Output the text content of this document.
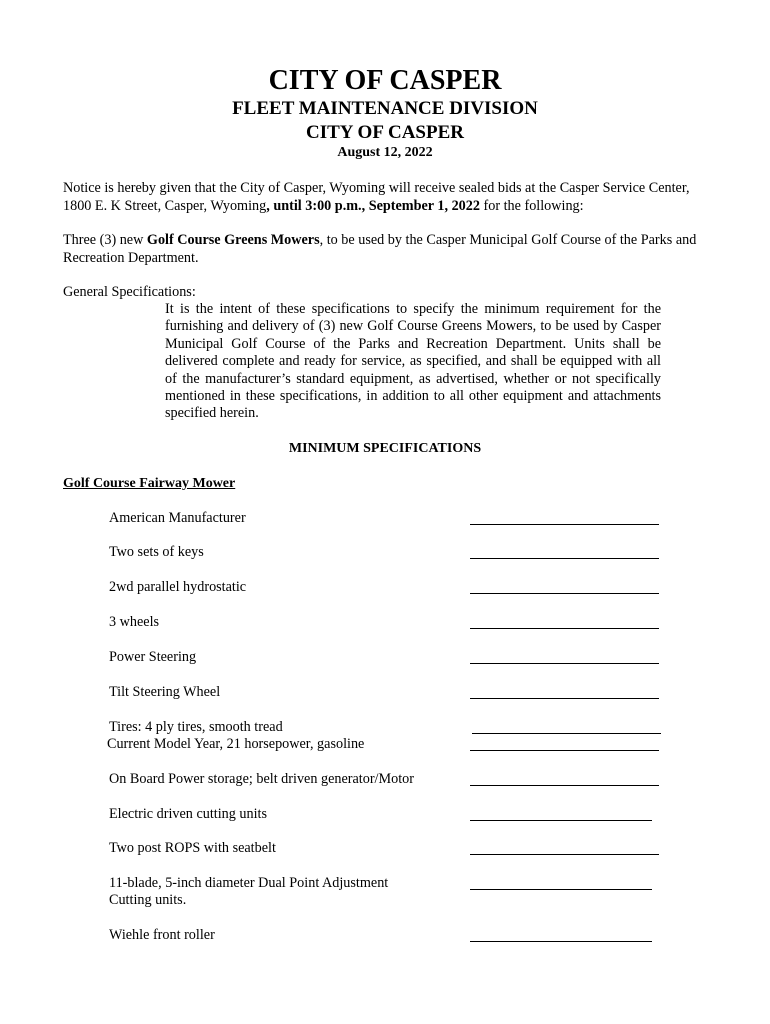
CITY OF CASPER
FLEET MAINTENANCE DIVISION
CITY OF CASPER
August 12, 2022
Notice is hereby given that the City of Casper, Wyoming will receive sealed bids at the Casper Service Center, 1800 E. K Street, Casper, Wyoming, until 3:00 p.m., September 1, 2022 for the following:
Three (3) new Golf Course Greens Mowers, to be used by the Casper Municipal Golf Course of the Parks and Recreation Department.
General Specifications:
It is the intent of these specifications to specify the minimum requirement for the furnishing and delivery of (3) new Golf Course Greens Mowers, to be used by Casper Municipal Golf Course of the Parks and Recreation Department. Units shall be delivered complete and ready for service, as specified, and shall be equipped with all of the manufacturer’s standard equipment, as advertised, whether or not specifically mentioned in these specifications, in addition to all other equipment and attachments specified herein.
MINIMUM SPECIFICATIONS
Golf Course Fairway Mower
American Manufacturer
Two sets of keys
2wd parallel hydrostatic
3 wheels
Power Steering
Tilt Steering Wheel
Tires: 4 ply tires, smooth tread
Current Model Year, 21 horsepower, gasoline
On Board Power storage; belt driven generator/Motor
Electric driven cutting units
Two post ROPS with seatbelt
11-blade, 5-inch diameter Dual Point Adjustment
Cutting units.
Wiehle front roller
